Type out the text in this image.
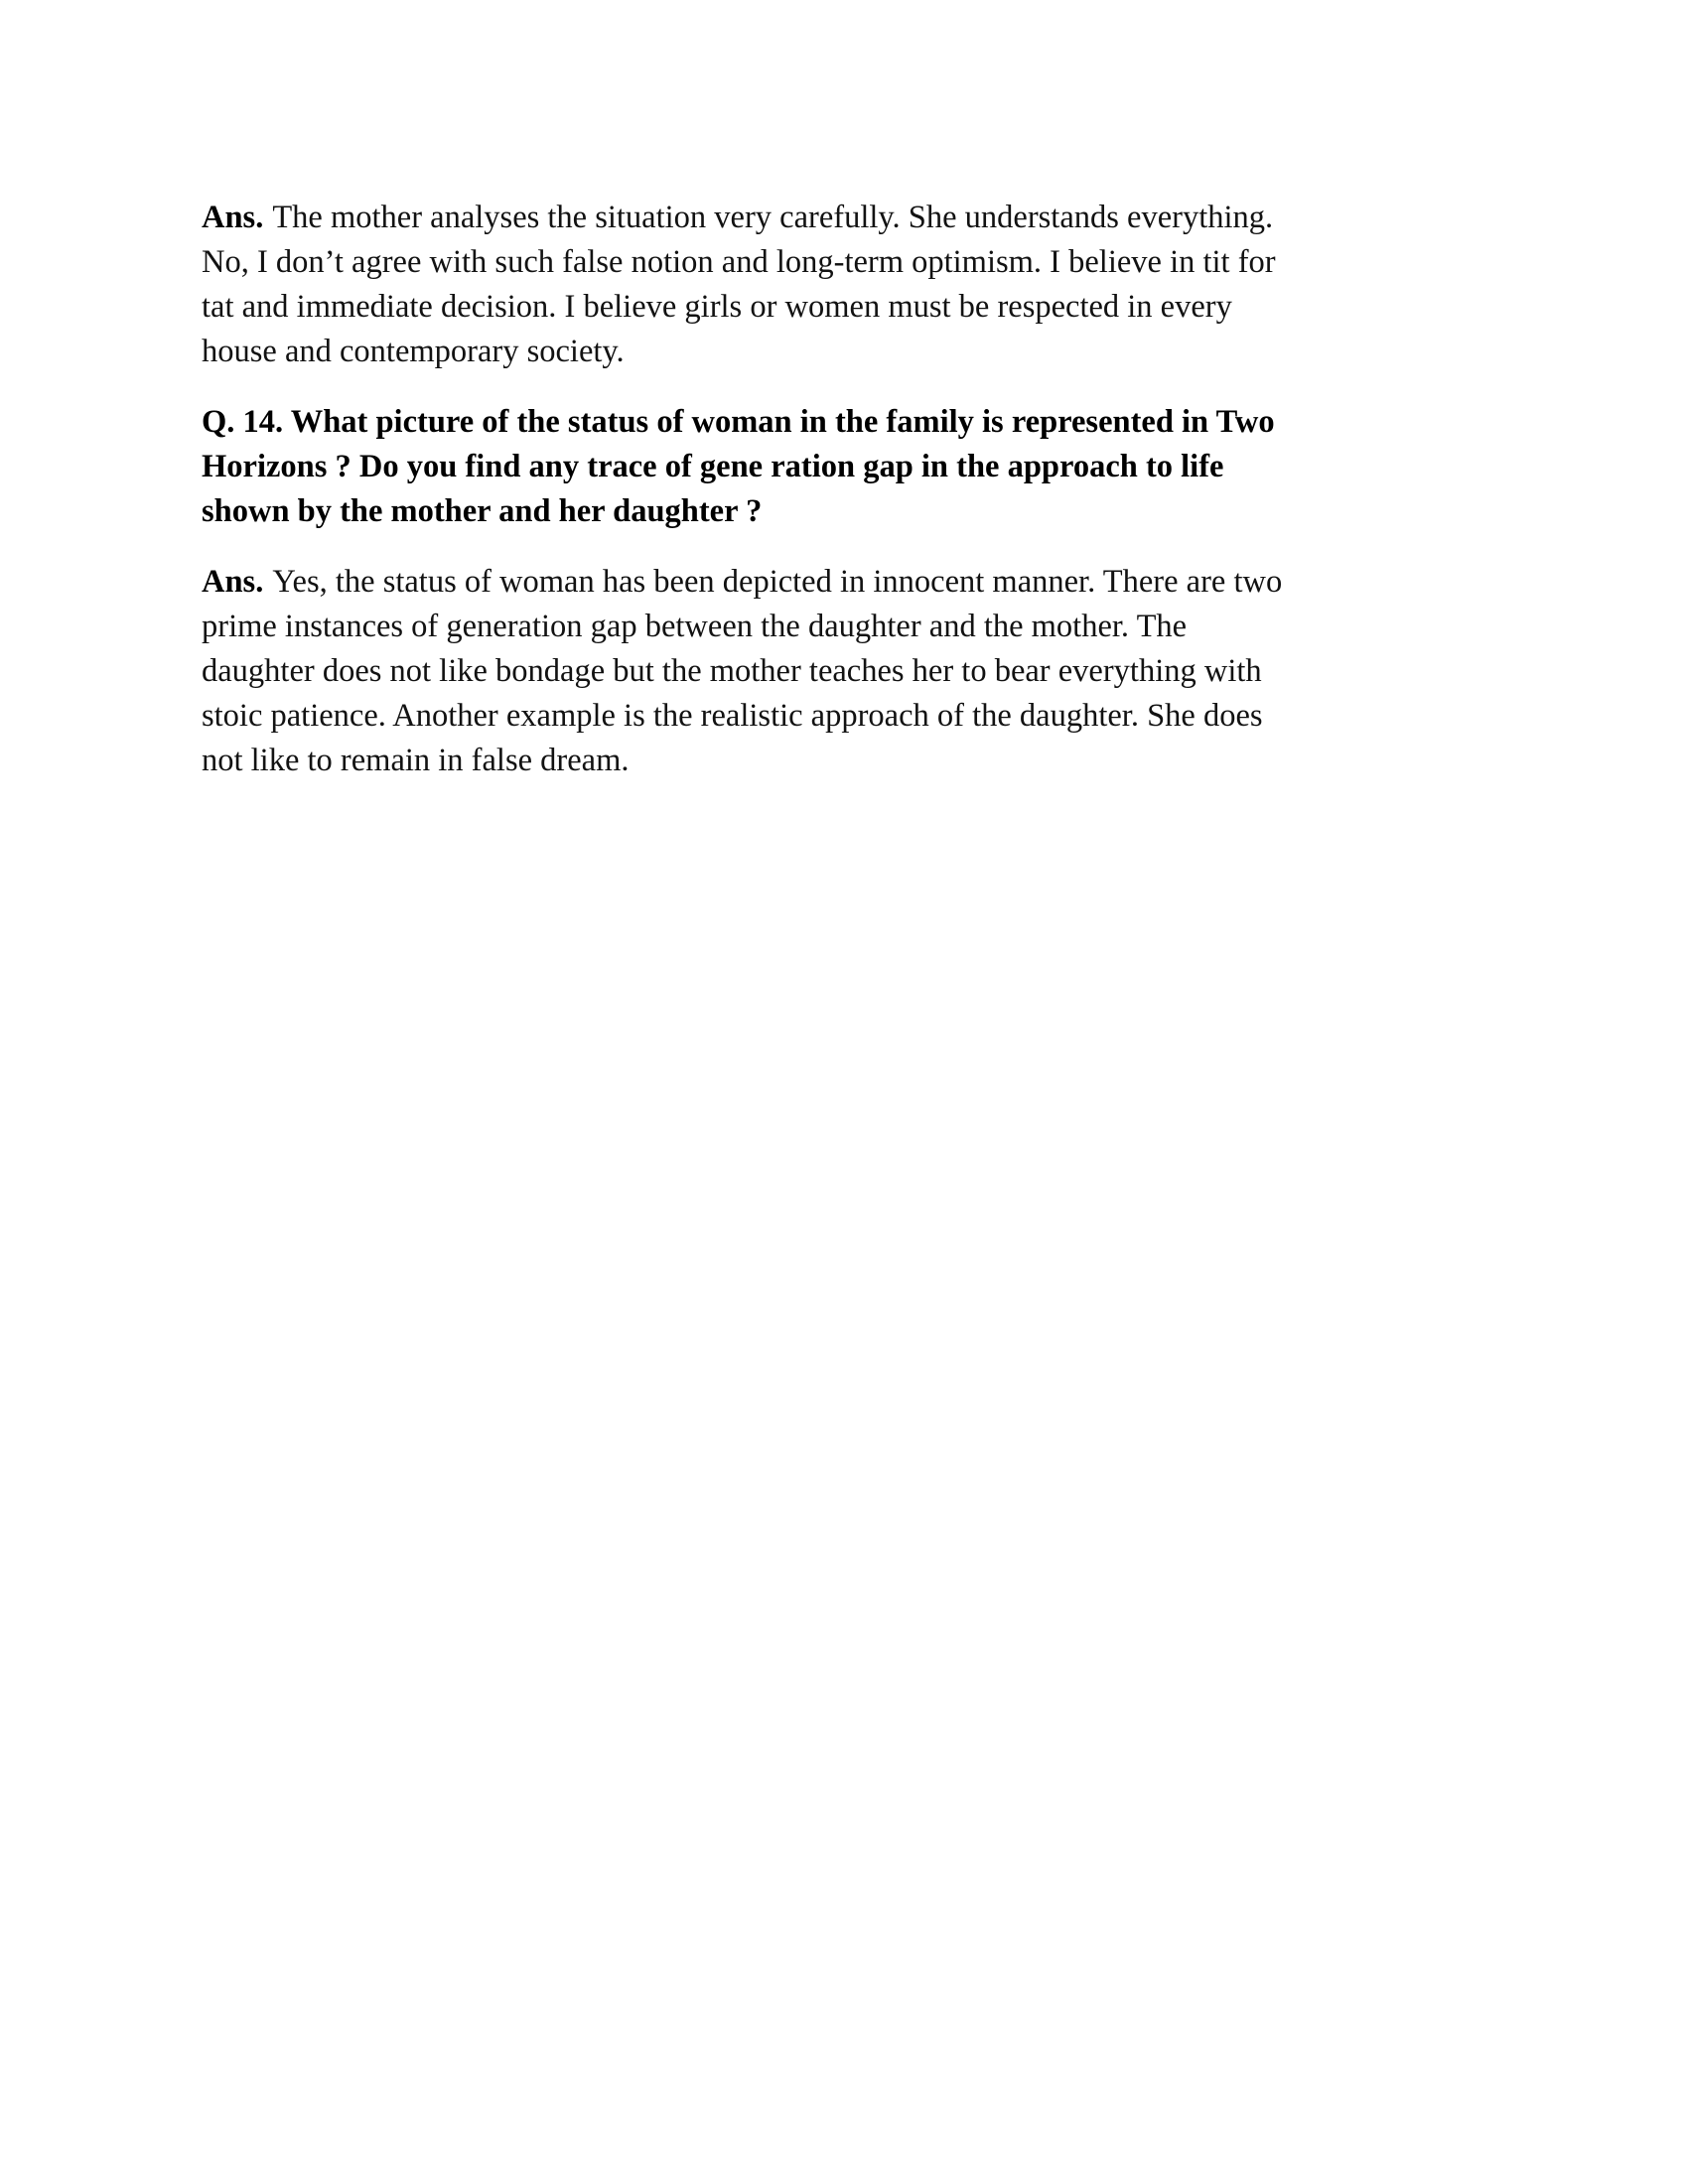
Ans. The mother analyses the situation very carefully. She understands everything.
No, I don’t agree with such false notion and long-term optimism. I believe in tit for
tat and immediate decision. I believe girls or women must be respected in every
house and contemporary society.
Q. 14. What picture of the status of woman in the family is represented in Two
Horizons ? Do you find any trace of gene ration gap in the approach to life
shown by the mother and her daughter ?
Ans. Yes, the status of woman has been depicted in innocent manner. There are two
prime instances of generation gap between the daughter and the mother. The
daughter does not like bondage but the mother teaches her to bear everything with
stoic patience. Another example is the realistic approach of the daughter. She does
not like to remain in false dream.
